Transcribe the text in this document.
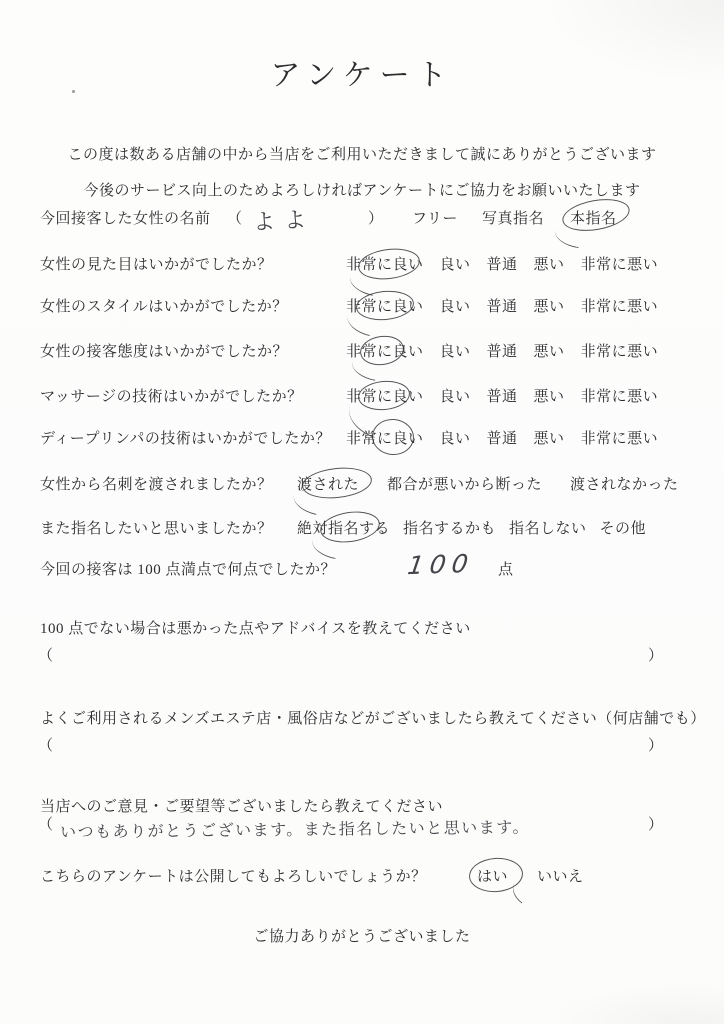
アンケート

この度は数ある店舗の中から当店をご利用いただきまして誠にありがとうございます

今後のサービス向上のためよろしければアンケートにご協力をお願いいたします

今回接客した女性の名前 （ よよ	） フリー 写真指名 本指名
女性の見た目はいかがでしたか？	非常に良い 良い 普通 悪い 非常に悪い
女性のスタイルはいかがでしたか？	非常に良い 良い 普通 悪い 非常に悪い
女性の接客態度はいかがでしたか？	非常に良い 良い 普通 悪い 非常に悪い
マッサージの技術はいかがでしたか？	非常に良い 良い 普通 悪い 非常に悪い
ディープリンパの技術はいかがでしたか？ 非常に良い 良い 普通 悪い 非常に悪い
女性から名刺を渡されましたか？ 渡された 都合が悪いから断った 渡されなかった
また指名したいと思いましたか？ 絶対指名する 指名するかも 指名しない その他
今回の接客は 100 点満点で何点でしたか？	100 点

100 点でない場合は悪かった点やアドバイスを教えてください

（	）

よくご利用されるメンズエステ店・風俗店などがございましたら教えてください（何店舗でも）

（	）

当店へのご意見・ご要望等ございましたら教えてください

（ いつもありがとうございます。また指名したいと思います。	）
こちらのアンケートは公開してもよろしいでしょうか？	はい いいえ

ご協力ありがとうございました
